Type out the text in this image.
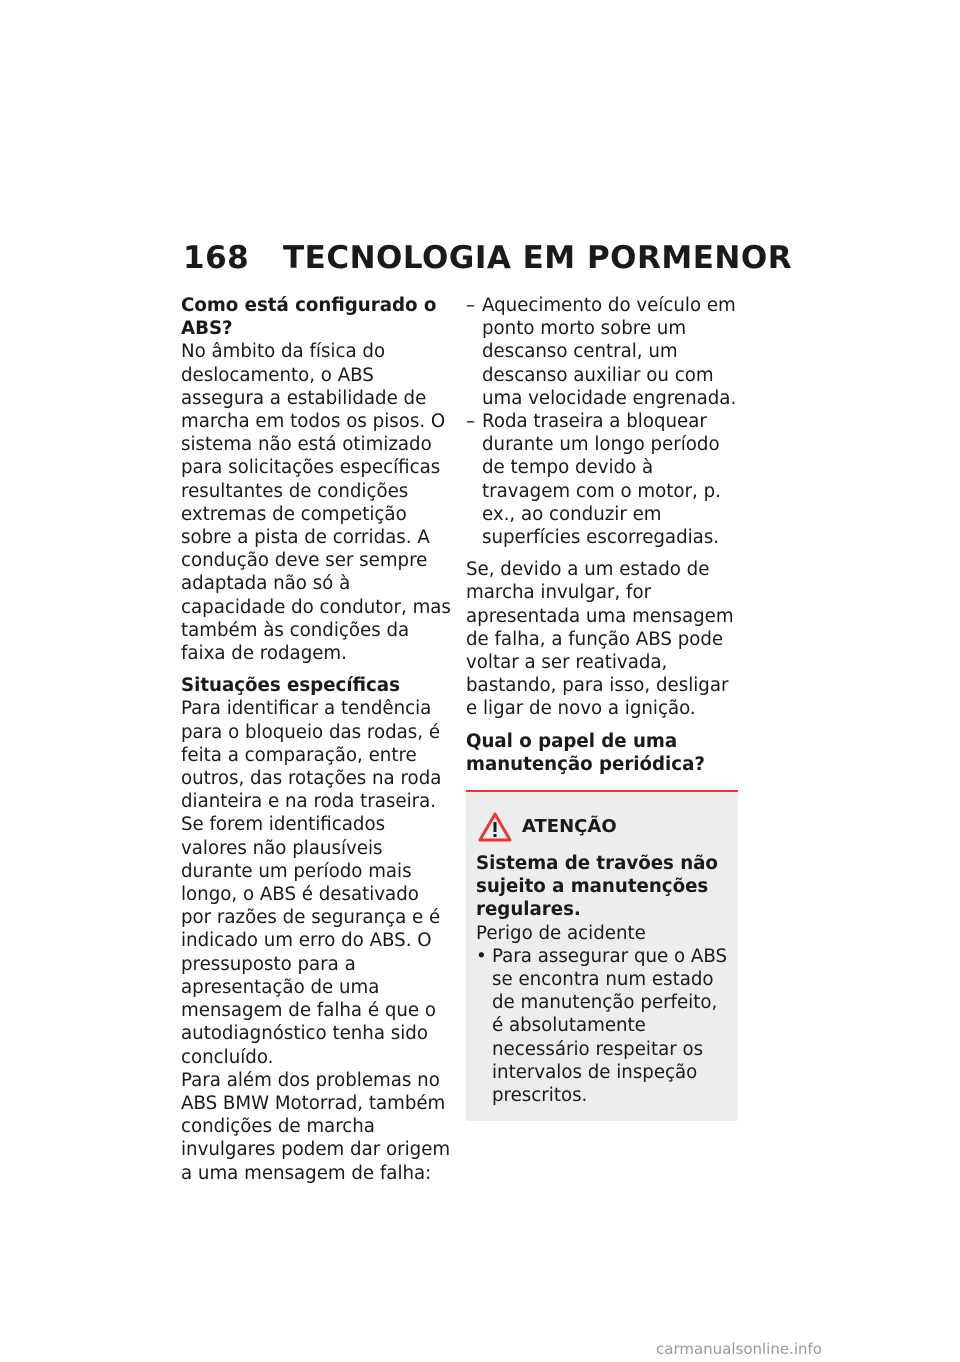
168 TECNOLOGIA EM PORMENOR
Como está configurado o ABS?

No âmbito da física do deslocamento, o ABS assegura a estabilidade de marcha em todos os pisos. O sistema não está otimizado para solicitações específicas resultantes de condições extremas de competição sobre a pista de corridas. A condução deve ser sempre adaptada não só à capacidade do condutor, mas também às condições da faixa de rodagem.

Situações específicas

Para identificar a tendência para o bloqueio das rodas, é feita a comparação, entre outros, das rotações na roda dianteira e na roda traseira. Se forem identificados valores não plausíveis durante um período mais longo, o ABS é desativado por razões de segurança e é indicado um erro do ABS. O pressuposto para a apresentação de uma mensagem de falha é que o autodiagnóstico tenha sido concluído.

Para além dos problemas no ABS BMW Motorrad, também condições de marcha invulgares podem dar origem a uma mensagem de falha:

– Aquecimento do veículo em ponto morto sobre um descanso central, um descanso auxiliar ou com uma velocidade engrenada.
– Roda traseira a bloquear durante um longo período de tempo devido à travagem com o motor, p. ex., ao conduzir em superfícies escorregadias.

Se, devido a um estado de marcha invulgar, for apresentada uma mensagem de falha, a função ABS pode voltar a ser reativada, bastando, para isso, desligar e ligar de novo a ignição.

Qual o papel de uma manutenção periódica?
ATENÇÃO
Sistema de travões não sujeito a manutenções regulares.
Perigo de acidente
• Para assegurar que o ABS se encontra num estado de manutenção perfeito, é absolutamente necessário respeitar os intervalos de inspeção prescritos.
carmanualsonline.info
